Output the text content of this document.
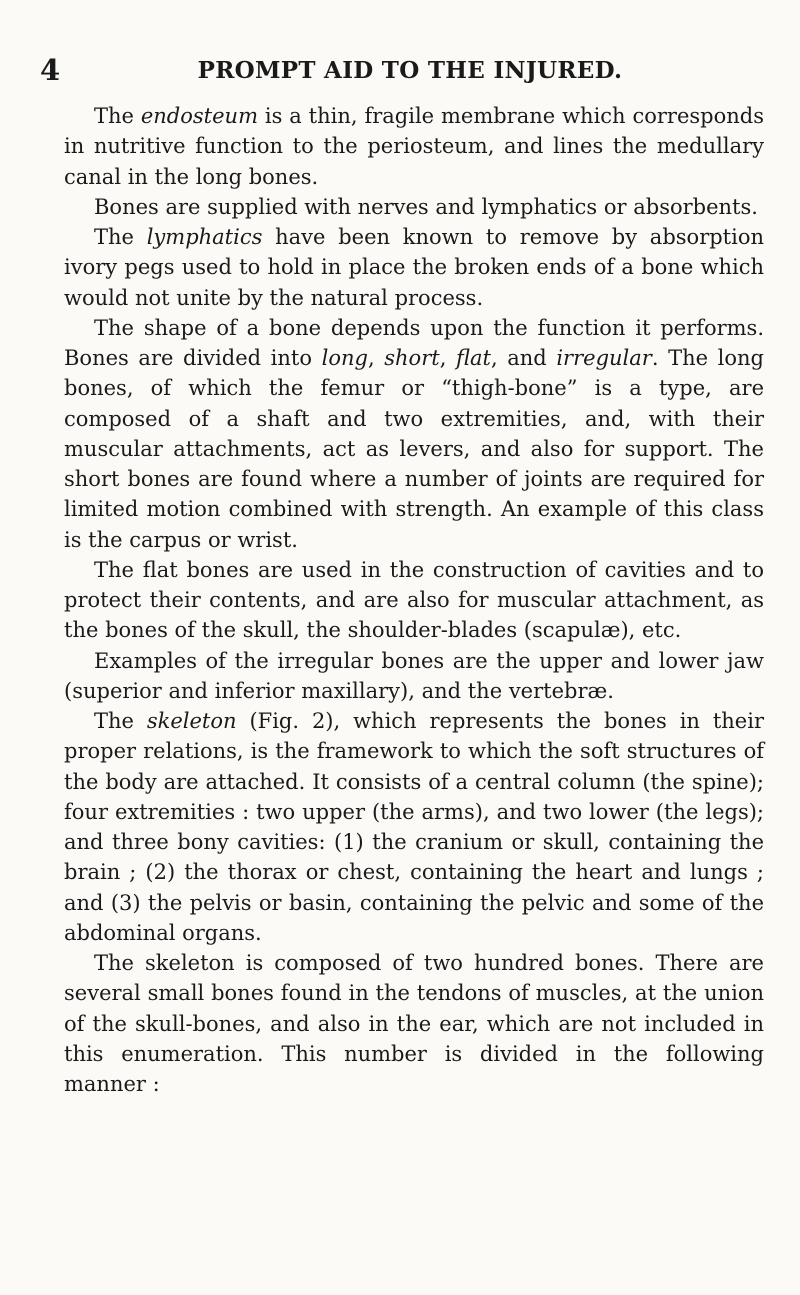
4	PROMPT AID TO THE INJURED.

The endosteum is a thin, fragile membrane which corresponds in nutritive function to the periosteum, and lines the medullary canal in the long bones.

Bones are supplied with nerves and lymphatics or absorbents.

The lymphatics have been known to remove by absorption ivory pegs used to hold in place the broken ends of a bone which would not unite by the natural process.

The shape of a bone depends upon the function it performs. Bones are divided into long, short, flat, and irregular. The long bones, of which the femur or “thigh-bone” is a type, are composed of a shaft and two extremities, and, with their muscular attachments, act as levers, and also for support. The short bones are found where a number of joints are required for limited motion combined with strength. An example of this class is the carpus or wrist.

The flat bones are used in the construction of cavities and to protect their contents, and are also for muscular attachment, as the bones of the skull, the shoulder-blades (scapulæ), etc.

Examples of the irregular bones are the upper and lower jaw (superior and inferior maxillary), and the vertebræ.

The skeleton (Fig. 2), which represents the bones in their proper relations, is the framework to which the soft structures of the body are attached. It consists of a central column (the spine); four extremities : two upper (the arms), and two lower (the legs); and three bony cavities: (1) the cranium or skull, containing the brain ; (2) the thorax or chest, containing the heart and lungs ; and (3) the pelvis or basin, containing the pelvic and some of the abdominal organs.

The skeleton is composed of two hundred bones. There are several small bones found in the tendons of muscles, at the union of the skull-bones, and also in the ear, which are not included in this enumeration. This number is divided in the following manner :
